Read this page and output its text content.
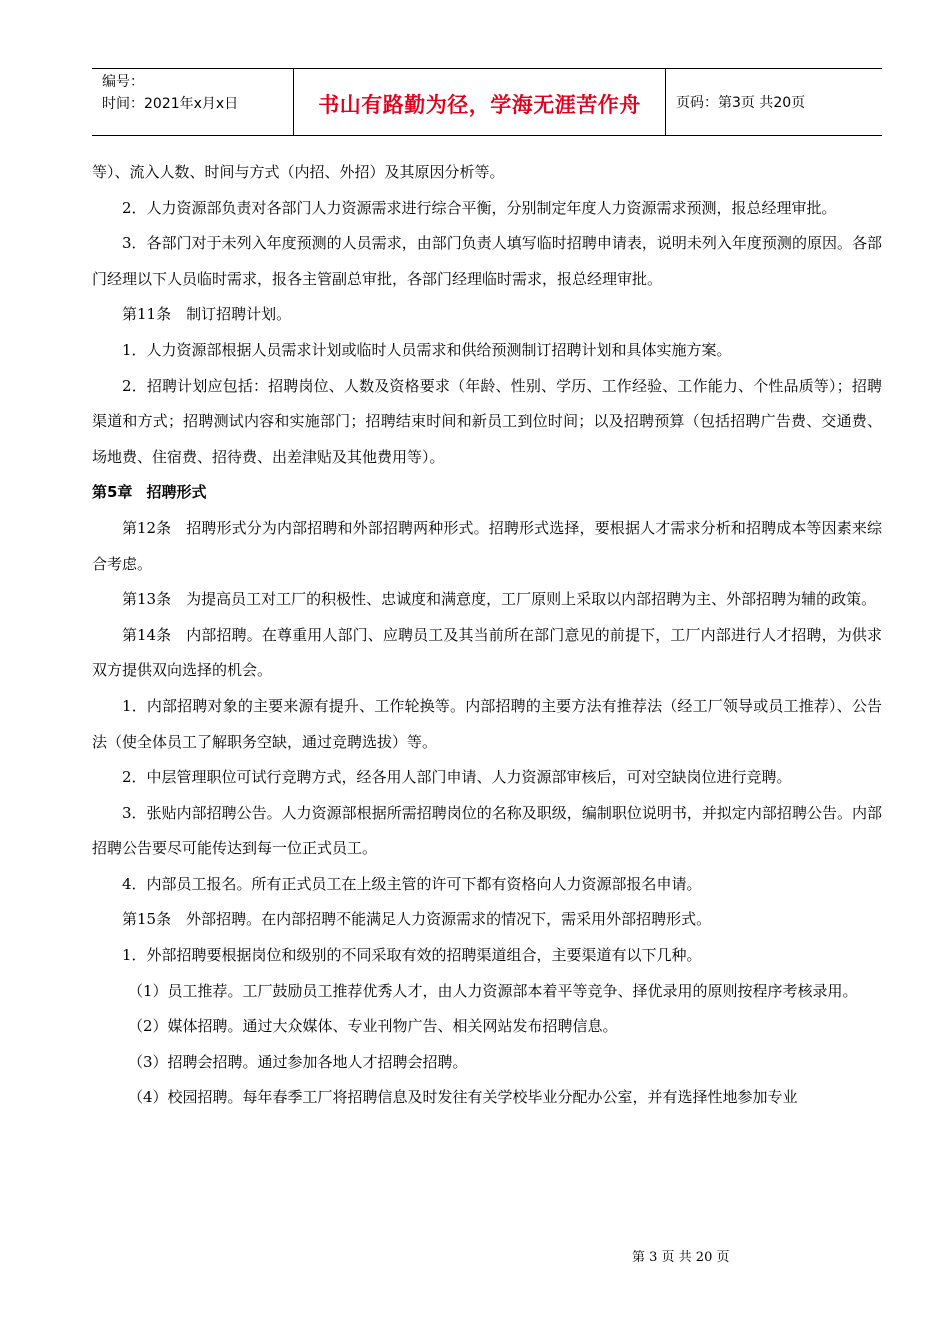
编号：
时间：2021年x月x日	书山有路勤为径，学海无涯苦作舟	页码：第3页 共20页

等）、流入人数、时间与方式（内招、外招）及其原因分析等。

2．人力资源部负责对各部门人力资源需求进行综合平衡，分别制定年度人力资源需求预测，报总经理审批。

3．各部门对于未列入年度预测的人员需求，由部门负责人填写临时招聘申请表，说明未列入年度预测的原因。各部门经理以下人员临时需求，报各主管副总审批，各部门经理临时需求，报总经理审批。

第11条 制订招聘计划。

1．人力资源部根据人员需求计划或临时人员需求和供给预测制订招聘计划和具体实施方案。

2．招聘计划应包括：招聘岗位、人数及资格要求（年龄、性别、学历、工作经验、工作能力、个性品质等）；招聘渠道和方式；招聘测试内容和实施部门；招聘结束时间和新员工到位时间；以及招聘预算（包括招聘广告费、交通费、场地费、住宿费、招待费、出差津贴及其他费用等）。

第5章 招聘形式

第12条 招聘形式分为内部招聘和外部招聘两种形式。招聘形式选择，要根据人才需求分析和招聘成本等因素来综合考虑。

第13条 为提高员工对工厂的积极性、忠诚度和满意度，工厂原则上采取以内部招聘为主、外部招聘为辅的政策。

第14条 内部招聘。在尊重用人部门、应聘员工及其当前所在部门意见的前提下，工厂内部进行人才招聘，为供求双方提供双向选择的机会。

1．内部招聘对象的主要来源有提升、工作轮换等。内部招聘的主要方法有推荐法（经工厂领导或员工推荐）、公告法（使全体员工了解职务空缺，通过竞聘选拔）等。

2．中层管理职位可试行竞聘方式，经各用人部门申请、人力资源部审核后，可对空缺岗位进行竞聘。

3．张贴内部招聘公告。人力资源部根据所需招聘岗位的名称及职级，编制职位说明书，并拟定内部招聘公告。内部招聘公告要尽可能传达到每一位正式员工。

4．内部员工报名。所有正式员工在上级主管的许可下都有资格向人力资源部报名申请。

第15条 外部招聘。在内部招聘不能满足人力资源需求的情况下，需采用外部招聘形式。

1．外部招聘要根据岗位和级别的不同采取有效的招聘渠道组合，主要渠道有以下几种。

（1）员工推荐。工厂鼓励员工推荐优秀人才，由人力资源部本着平等竞争、择优录用的原则按程序考核录用。

（2）媒体招聘。通过大众媒体、专业刊物广告、相关网站发布招聘信息。

（3）招聘会招聘。通过参加各地人才招聘会招聘。

（4）校园招聘。每年春季工厂将招聘信息及时发往有关学校毕业分配办公室，并有选择性地参加专业

第 3 页 共 20 页
